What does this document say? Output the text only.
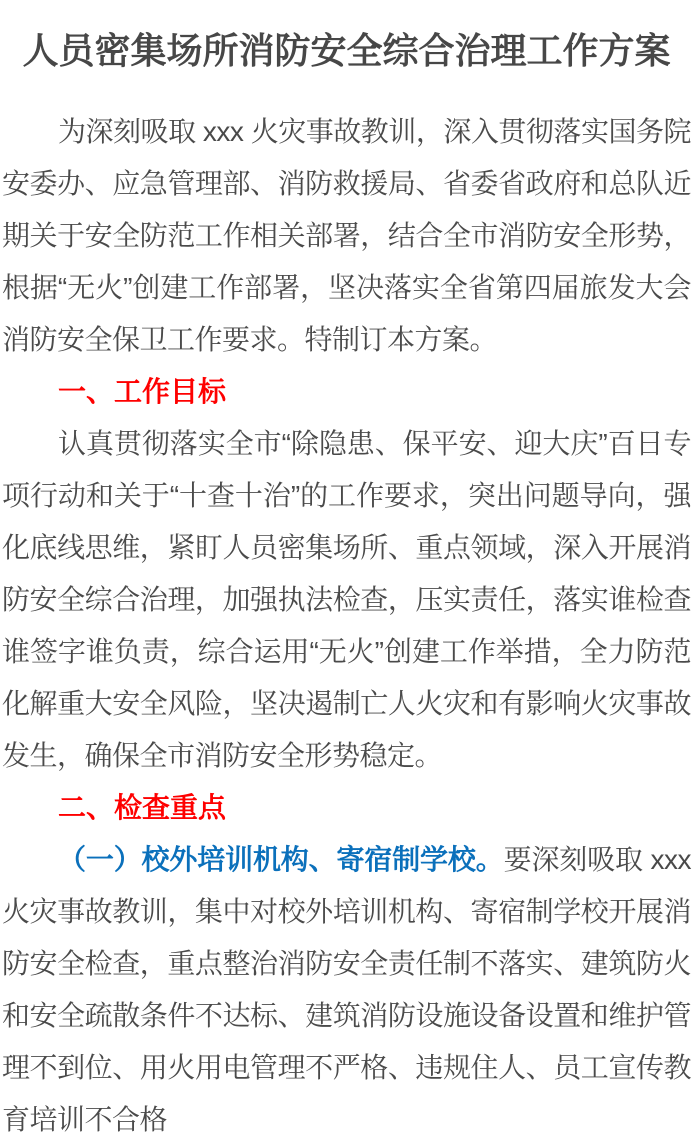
人员密集场所消防安全综合治理工作方案

为深刻吸取 xxx 火灾事故教训，深入贯彻落实国务院安委办、应急管理部、消防救援局、省委省政府和总队近期关于安全防范工作相关部署，结合全市消防安全形势，根据“无火”创建工作部署，坚决落实全省第四届旅发大会消防安全保卫工作要求。特制订本方案。

一、工作目标

认真贯彻落实全市“除隐患、保平安、迎大庆”百日专项行动和关于“十查十治”的工作要求，突出问题导向，强化底线思维，紧盯人员密集场所、重点领域，深入开展消防安全综合治理，加强执法检查，压实责任，落实谁检查谁签字谁负责，综合运用“无火”创建工作举措，全力防范化解重大安全风险，坚决遏制亡人火灾和有影响火灾事故发生，确保全市消防安全形势稳定。

二、检查重点

（一）校外培训机构、寄宿制学校。要深刻吸取 xxx 火灾事故教训，集中对校外培训机构、寄宿制学校开展消防安全检查，重点整治消防安全责任制不落实、建筑防火和安全疏散条件不达标、建筑消防设施设备设置和维护管理不到位、用火用电管理不严格、违规住人、员工宣传教育培训不合格
